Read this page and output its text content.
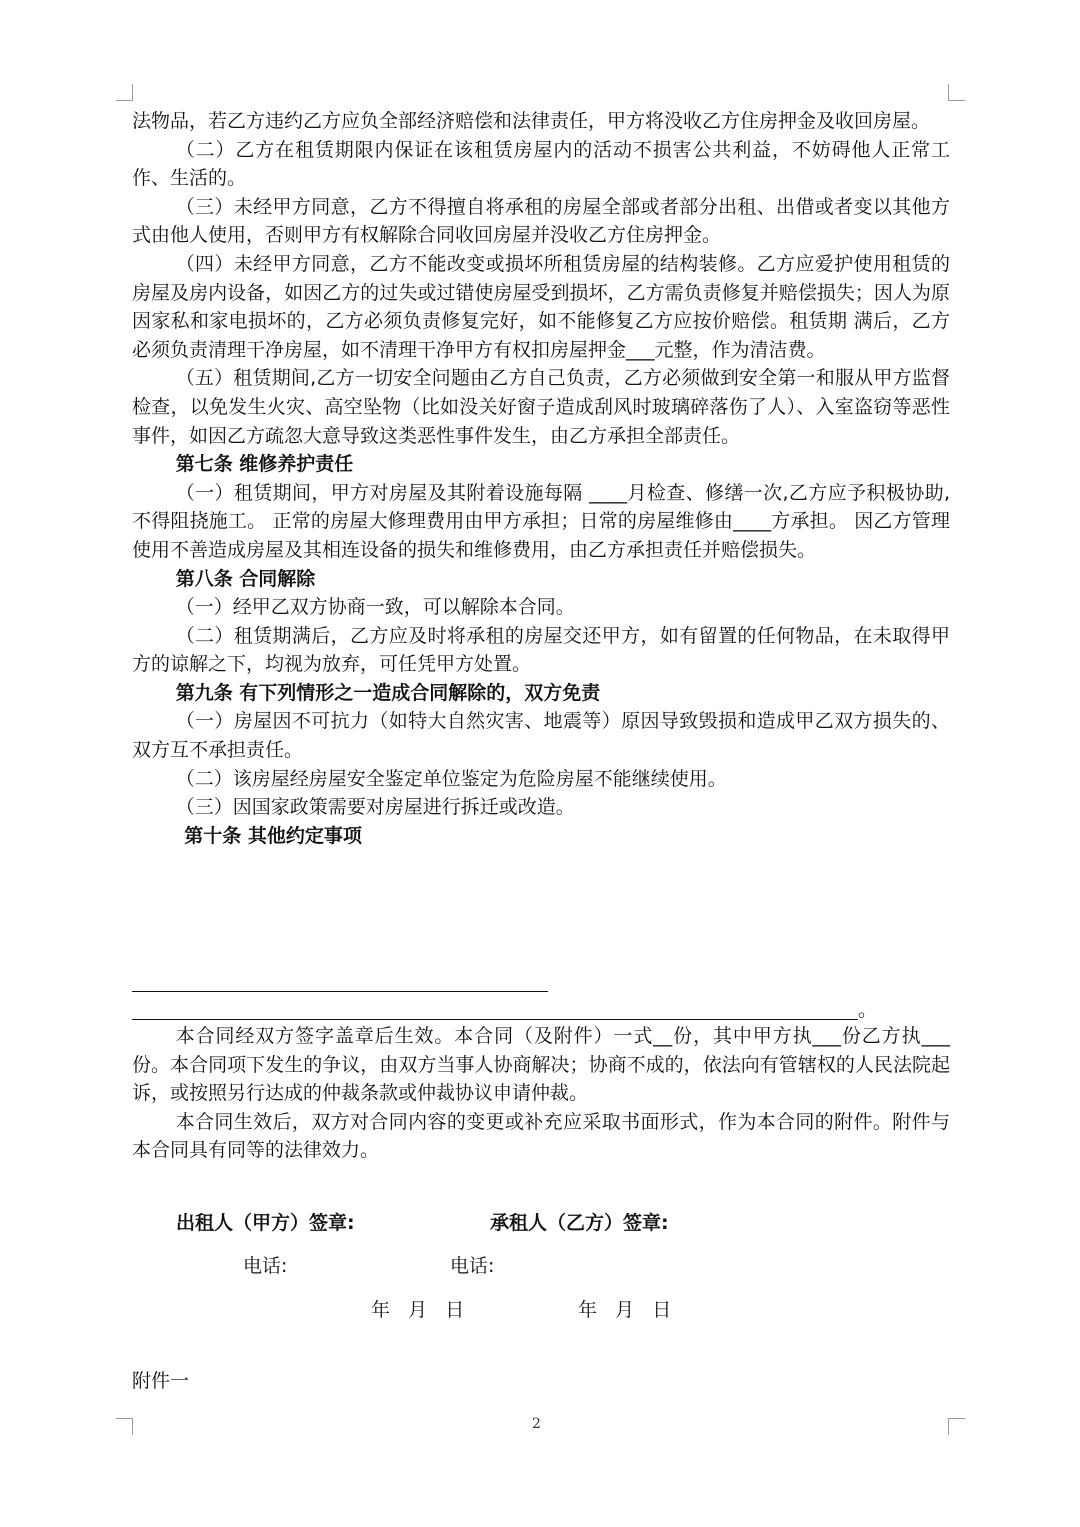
法物品，若乙方违约乙方应负全部经济赔偿和法律责任，甲方将没收乙方住房押金及收回房屋。

（二）乙方在租赁期限内保证在该租赁房屋内的活动不损害公共利益，不妨碍他人正常工作、生活的。

（三）未经甲方同意，乙方不得擅自将承租的房屋全部或者部分出租、出借或者变以其他方式由他人使用，否则甲方有权解除合同收回房屋并没收乙方住房押金。

（四）未经甲方同意，乙方不能改变或损坏所租赁房屋的结构装修。乙方应爱护使用租赁的房屋及房内设备，如因乙方的过失或过错使房屋受到损坏，乙方需负责修复并赔偿损失；因人为原因家私和家电损坏的，乙方必须负责修复完好，如不能修复乙方应按价赔偿。租赁期 满后，乙方必须负责清理干净房屋，如不清理干净甲方有权扣房屋押金___元整，作为清洁费。

（五）租赁期间,乙方一切安全问题由乙方自己负责，乙方必须做到安全第一和服从甲方监督检查，以免发生火灾、高空坠物（比如没关好窗子造成刮风时玻璃碎落伤了人）、入室盗窃等恶性事件，如因乙方疏忽大意导致这类恶性事件发生，由乙方承担全部责任。

第七条 维修养护责任

（一）租赁期间，甲方对房屋及其附着设施每隔 ____月检查、修缮一次,乙方应予积极协助,不得阻挠施工。 正常的房屋大修理费用由甲方承担；日常的房屋维修由____方承担。 因乙方管理使用不善造成房屋及其相连设备的损失和维修费用，由乙方承担责任并赔偿损失。

第八条 合同解除

（一）经甲乙双方协商一致，可以解除本合同。

（二）租赁期满后，乙方应及时将承租的房屋交还甲方，如有留置的任何物品，在未取得甲方的谅解之下，均视为放弃，可任凭甲方处置。

第九条 有下列情形之一造成合同解除的，双方免责

（一）房屋因不可抗力（如特大自然灾害、地震等）原因导致毁损和造成甲乙双方损失的、双方互不承担责任。

（二）该房屋经房屋安全鉴定单位鉴定为危险房屋不能继续使用。

（三）因国家政策需要对房屋进行拆迁或改造。

第十条 其他约定事项

。

本合同经双方签字盖章后生效。本合同（及附件）一式__份，其中甲方执___份乙方执___份。本合同项下发生的争议，由双方当事人协商解决；协商不成的，依法向有管辖权的人民法院起诉，或按照另行达成的仲裁条款或仲裁协议申请仲裁。

本合同生效后，双方对合同内容的变更或补充应采取书面形式，作为本合同的附件。附件与本合同具有同等的法律效力。

出租人（甲方）签章:	承租人（乙方）签章:
电话:	电话:
年   月   日	年   月   日
附件一
2
